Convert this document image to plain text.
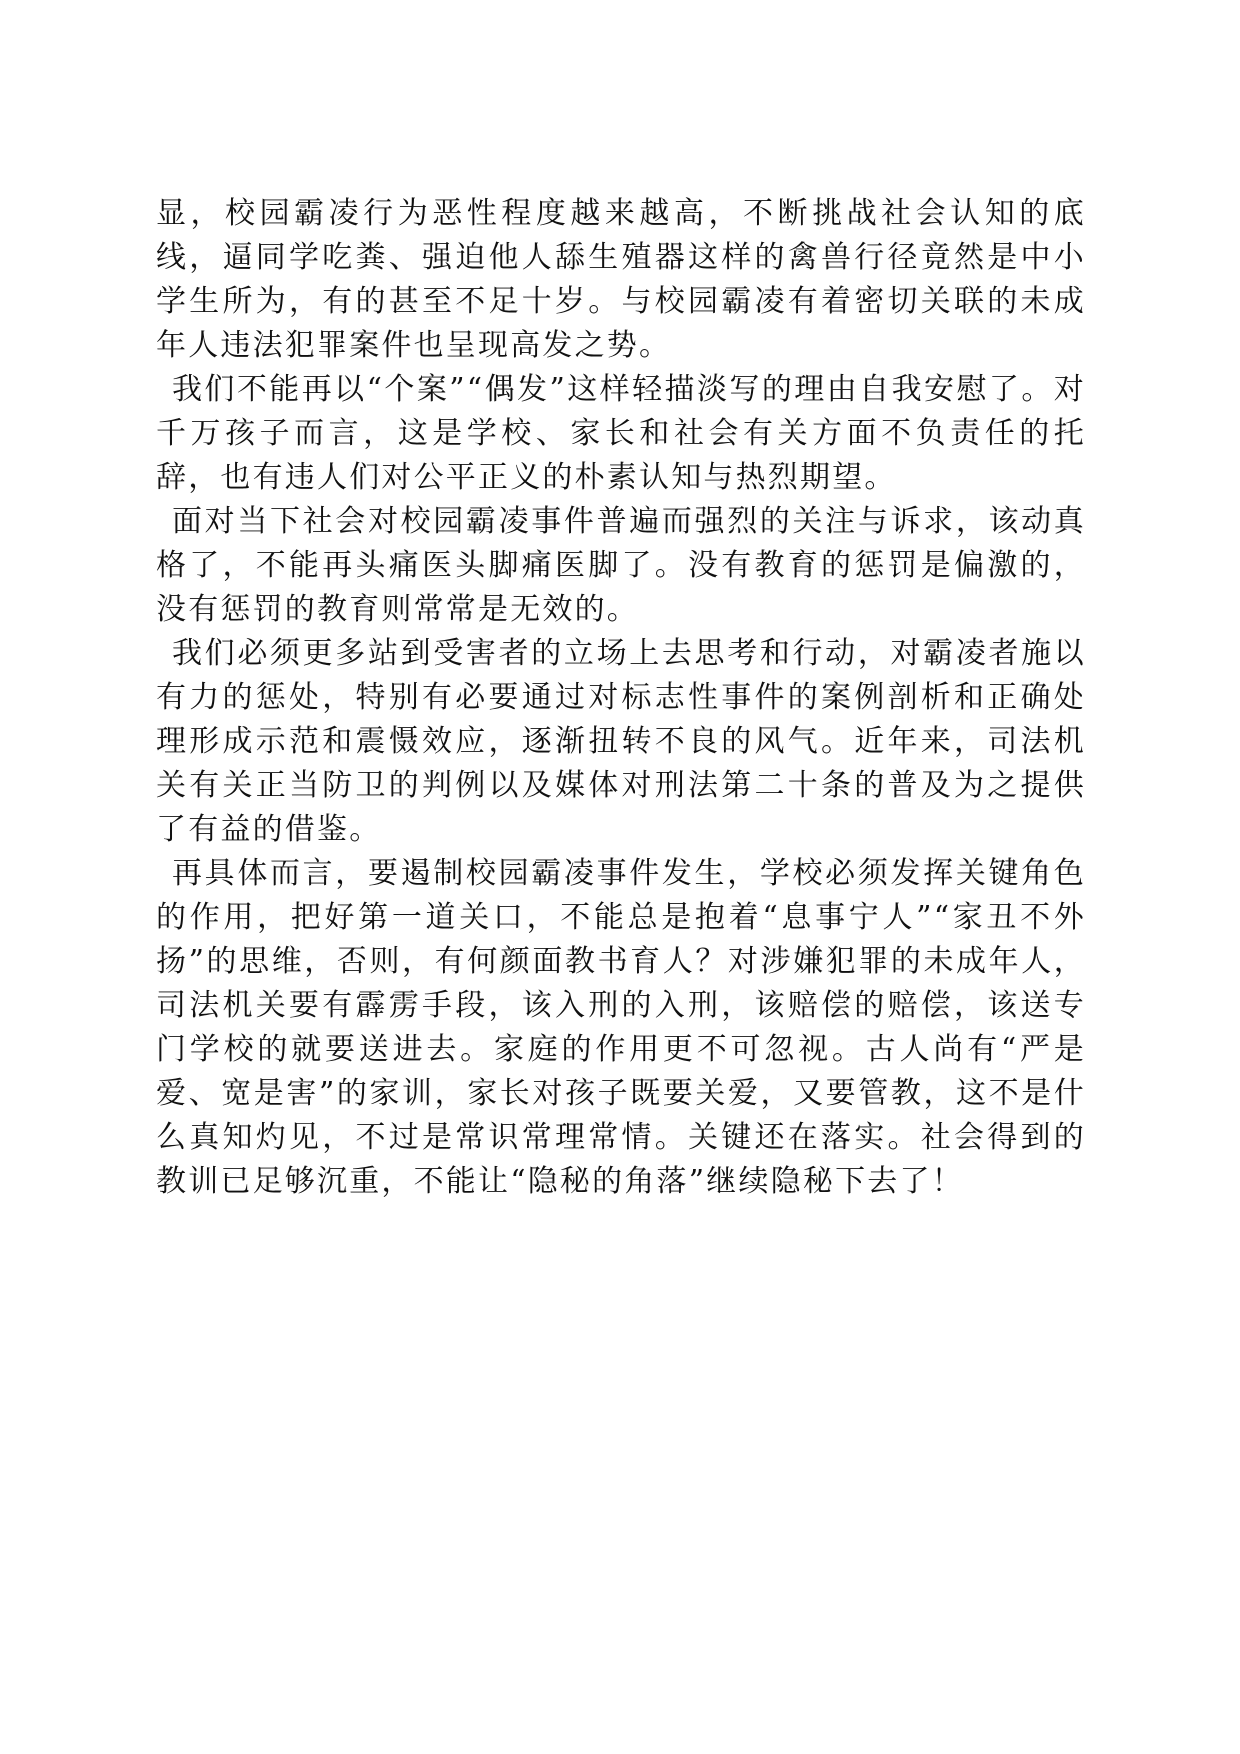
显，校园霸凌行为恶性程度越来越高，不断挑战社会认知的底线，逼同学吃粪、强迫他人舔生殖器这样的禽兽行径竟然是中小学生所为，有的甚至不足十岁。与校园霸凌有着密切关联的未成年人违法犯罪案件也呈现高发之势。

我们不能再以“个案”“偶发”这样轻描淡写的理由自我安慰了。对千万孩子而言，这是学校、家长和社会有关方面不负责任的托辞，也有违人们对公平正义的朴素认知与热烈期望。

面对当下社会对校园霸凌事件普遍而强烈的关注与诉求，该动真格了，不能再头痛医头脚痛医脚了。没有教育的惩罚是偏激的，没有惩罚的教育则常常是无效的。

我们必须更多站到受害者的立场上去思考和行动，对霸凌者施以有力的惩处，特别有必要通过对标志性事件的案例剖析和正确处理形成示范和震慑效应，逐渐扭转不良的风气。近年来，司法机关有关正当防卫的判例以及媒体对刑法第二十条的普及为之提供了有益的借鉴。

再具体而言，要遏制校园霸凌事件发生，学校必须发挥关键角色的作用，把好第一道关口，不能总是抱着“息事宁人”“家丑不外扬”的思维，否则，有何颜面教书育人？对涉嫌犯罪的未成年人，司法机关要有霹雳手段，该入刑的入刑，该赔偿的赔偿，该送专门学校的就要送进去。家庭的作用更不可忽视。古人尚有“严是爱、宽是害”的家训，家长对孩子既要关爱，又要管教，这不是什么真知灼见，不过是常识常理常情。关键还在落实。社会得到的教训已足够沉重，不能让“隐秘的角落”继续隐秘下去了！
